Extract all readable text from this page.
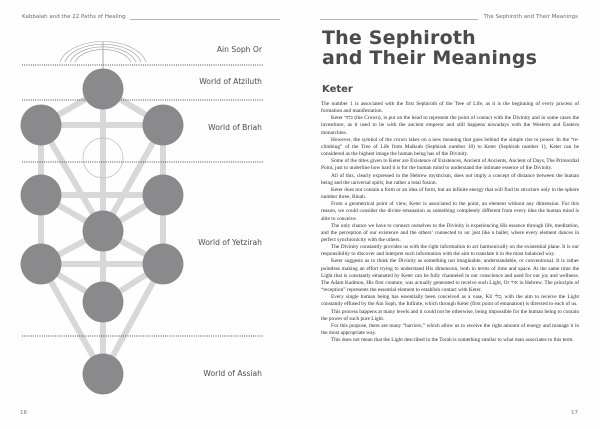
Kabbalah and the 22 Paths of Healing
Ain Soph Or
World of Atziluth
World of Briah
World of Yetzirah
World of Assiah
16
The Sephiroth and Their Meanings
The Sephiroth
and Their Meanings
Keter

The number 1 is associated with the first Sephiroth of the Tree of Life, as it is the beginning of every process of formation and manifestation.

Keter כתר (the Crown), is put on the head to represent the point of contact with the Divinity and in some cases the investiture, as it used to be with the ancient emperor and still happens nowadays with the Western and Eastern monarchies.

However, the symbol of the crown takes on a new meaning that goes behind the simple rise to power. In the “re-climbing” of the Tree of Life from Malkuth (Sephirah number 10) to Keter (Sephirah number 1), Keter can be considered as the highest image the human being has of the Divinity.

Some of the titles given to Keter are Existence of Existences, Ancient of Ancients, Ancient of Days, The Primordial Point, just to underline how hard it is for the human mind to understand the intimate essence of the Divinity.

All of this, clearly expressed in the Hebrew mysticism, does not imply a concept of distance between the human being and the universal spirit, but rather a total fusion.

Keter does not contain a form or an idea of form, but an infinite energy that will find its structure only in the sphere number three, Binah.

From a geometrical point of view, Keter is associated to the point, an element without any dimension. For this reason, we could consider the divine emanation as something completely different from every idea the human mind is able to conceive.

The only chance we have to connect ourselves to the Divinity is experiencing His essence through life, meditation, and the perception of our existence and the others’ connected to us: just like a ballet, where every element dances in perfect synchronicity with the others.

The Divinity constantly provides us with the right information to act harmonically on the existential plane. It is our responsibility to discover and interpret such information with the aim to translate it in the most balanced way.

Keter suggests us to think the Divinity as something not imaginable, understandable, or conventional. It is rather pointless making an effort trying to understand His dimension, both in terms of time and space. At the same time the Light that is constantly emanated by Keter can be fully channeled in our conscience and used for our joy and wellness. The Adam Kadmon, His first creature, was actually generated to receive such Light, Or אור in Hebrew. The principle of “reception” represents the essential element to establish contact with Keter.

Every single human being has essentially been conceived as a vase, Kli כלי, with the aim to receive the Light constantly effused by the Ain Soph, the Infinite, which through Keter (first point of emanation) is directed to each of us.

This process happens at many levels and it could not be otherwise, being impossible for the human being to contain the power of such pure Light.

For this purpose, there are many “barriers,” which allow us to receive the right amount of energy and manage it in the most appropriate way.

This does not mean that the Light described in the Torah is something similar to what man associates to this term.

17
